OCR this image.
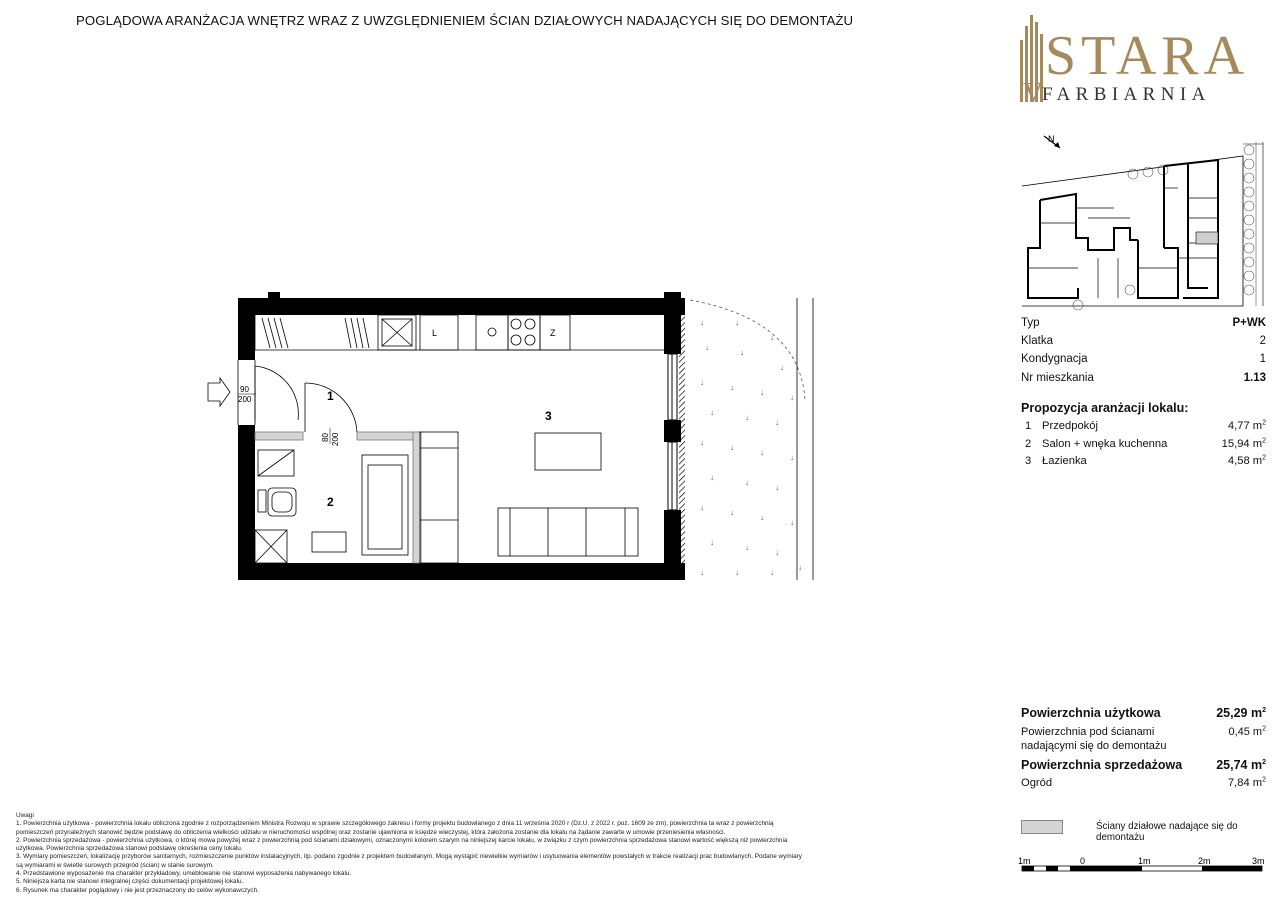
POGLĄDOWA ARANŻACJA WNĘTRZ WRAZ Z UWZGLĘDNIENIEM ŚCIAN DZIAŁOWYCH NADAJĄCYCH SIĘ DO DEMONTAŻU
STARA
V
FARBIARNIA
N
Typ	P+WK
Klatka	2
Kondygnacja	1
Nr mieszkania	1.13
Propozycja aranżacji lokalu:
1 Przedpokój	4,77 $m^2$
2 Salon + wnęka kuchenna	15,94 $m^2$
3 Łazienka	4,58 $m^2$
Powierzchnia użytkowa	25,29 $m^2$
Powierzchnia pod ścianami
nadającymi się do demontażu
0,45 $m^2$
Powierzchnia sprzedażowa	25,74 $m^2$
Ogród	7,84 $m^2$
Ściany działowe nadające się do demontażu
1m	0	1m	2m	3m
↓	↓
↓
↓
↓
↓
↓
↓
↓
↓
↓
↓
↓
↓
↓
↓
↓
↓
↓
↓
↓
↓
↓
↓
↓
↓
↓
↓	↓	↓
↓
L	Z
90
200
80 200
1
2
3
Uwagi
1. Powierzchnia użytkowa - powierzchnia lokalu obliczona zgodnie z rozporządzeniem Ministra Rozwoju w sprawie szczegółowego zakresu i formy projektu budowlanego z dnia 11 września 2020 r (Dz.U. z 2022 r. poz. 1609 ze zm), powierzchnia ta wraz z powierzchnią
pomieszczeń przynależnych stanowić będzie podstawę do obliczenia wielkości udziału w nieruchomości wspólnej oraz zostanie ujawniona w księdze wieczystej, która założona zostanie dla lokalu na żądanie zawarte w umowie przeniesienia własności.
2. Powierzchnia sprzedażowa - powierzchnia użytkowa, o której mowa powyżej wraz z powierzchnią pod ścianami działowymi, oznaczonymi kolorem szarym na niniejszej karcie lokalu, w związku z czym powierzchnia sprzedażowa stanowi wartość większą niż powierzchnia
użytkowa. Powierzchnia sprzedażowa stanowi podstawę określenia ceny lokalu.
3. Wymiary pomieszczeń, lokalizację przyborów sanitarnych, rozmieszczenie punktów instalacyjnych, itp. podano zgodnie z projektem budowlanym. Mogą wystąpić niewielkie wymiarów i usytuowania elementów powstałych w trakcie realizacji prac budowlanych. Podane wymiary
są wymiarami w świetle surowych przegród (ścian) w stanie surowym.
4. Przedstawione wyposażenie ma charakter przykładowy, umeblowanie nie stanowi wyposażenia nabywanego lokalu.
5. Niniejsza karta nie stanowi integralnej części dokumentacji projektowej lokalu.
6. Rysunek ma charakter poglądowy i nie jest przeznaczony do celów wykonawczych.
